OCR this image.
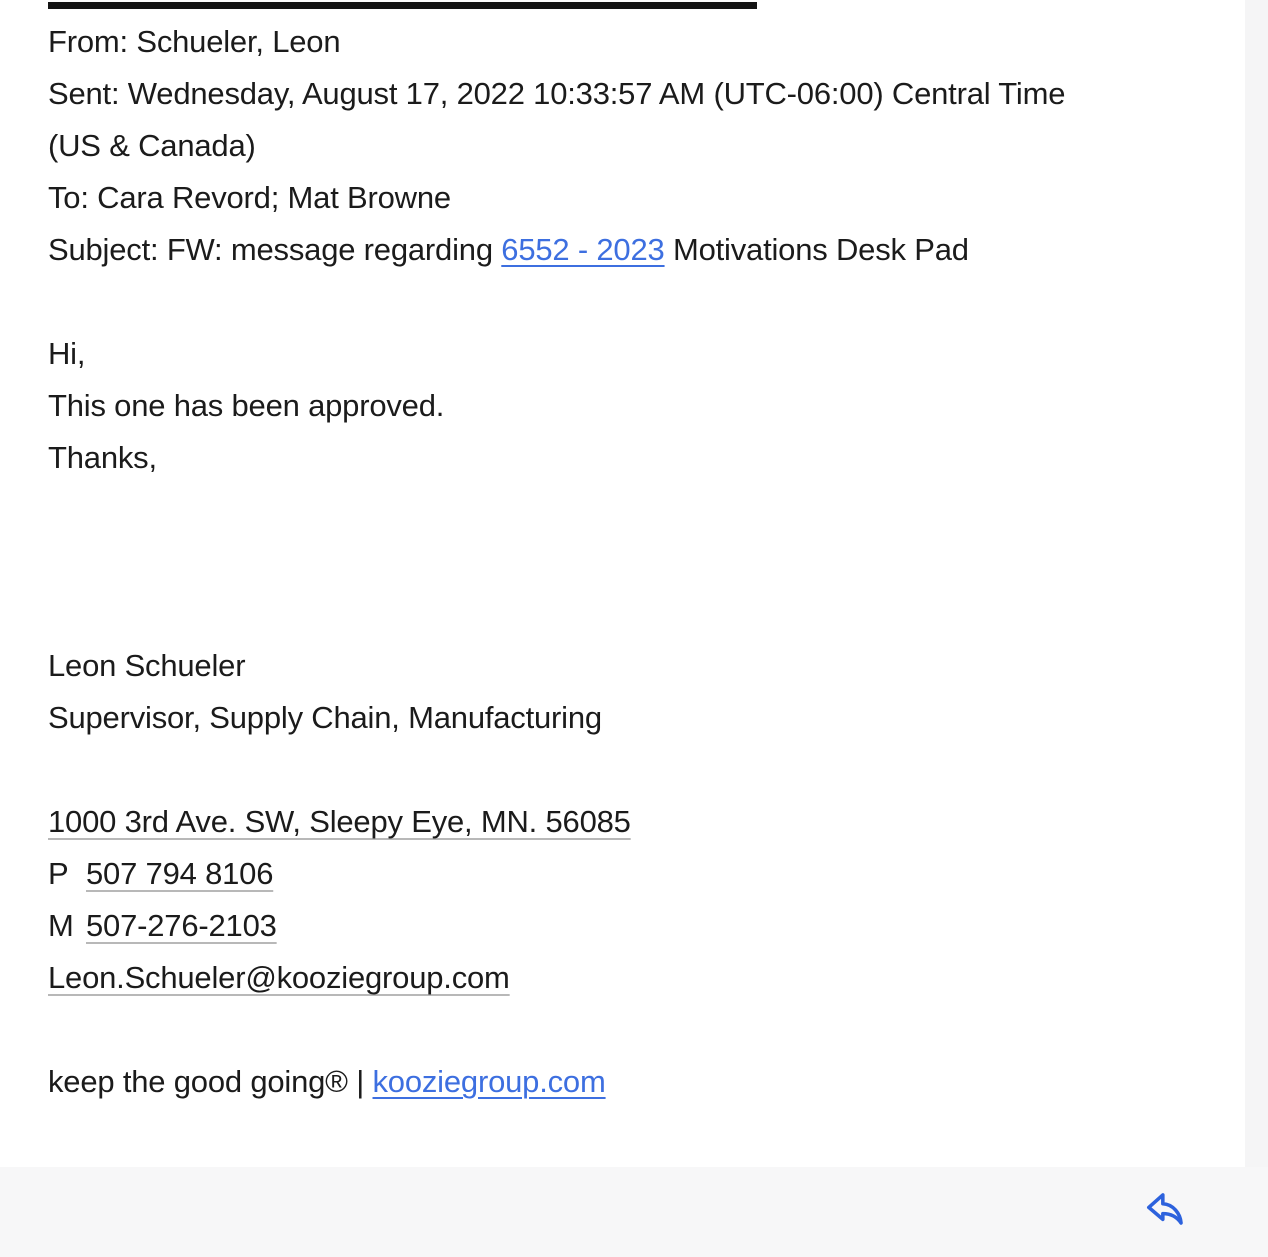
From: Schueler, Leon

Sent: Wednesday, August 17, 2022 10:33:57 AM (UTC-06:00) Central Time

(US & Canada)

To: Cara Revord; Mat Browne

Subject: FW: message regarding 6552 - 2023 Motivations Desk Pad

Hi,

This one has been approved.

Thanks,

Leon Schueler

Supervisor, Supply Chain, Manufacturing

1000 3rd Ave. SW, Sleepy Eye, MN. 56085

P 507 794 8106

M 507-276-2103

Leon.Schueler@kooziegroup.com

keep the good going® | kooziegroup.com
